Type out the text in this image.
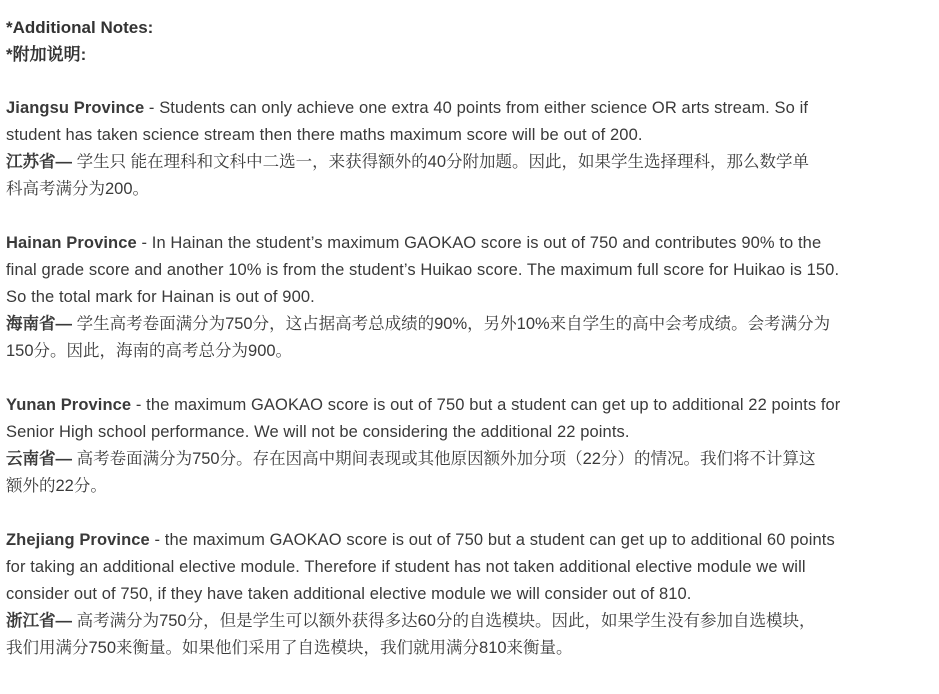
*Additional Notes:

*附加说明:

Jiangsu Province - Students can only achieve one extra 40 points from either science OR arts stream. So if

student has taken science stream then there maths maximum score will be out of 200.

江苏省— 学生只 能在理科和文科中二选一，来获得额外的40分附加题。因此，如果学生选择理科，那么数学单

科高考满分为200。

Hainan Province - In Hainan the student’s maximum GAOKAO score is out of 750 and contributes 90% to the

final grade score and another 10% is from the student’s Huikao score. The maximum full score for Huikao is 150.

So the total mark for Hainan is out of 900.

海南省— 学生高考卷面满分为750分，这占据高考总成绩的90%，另外10%来自学生的高中会考成绩。会考满分为

150分。因此，海南的高考总分为900。

Yunan Province - the maximum GAOKAO score is out of 750 but a student can get up to additional 22 points for

Senior High school performance. We will not be considering the additional 22 points.

云南省— 高考卷面满分为750分。存在因高中期间表现或其他原因额外加分项（22分）的情况。我们将不计算这

额外的22分。

Zhejiang Province - the maximum GAOKAO score is out of 750 but a student can get up to additional 60 points

for taking an additional elective module. Therefore if student has not taken additional elective module we will

consider out of 750, if they have taken additional elective module we will consider out of 810.

浙江省— 高考满分为750分，但是学生可以额外获得多达60分的自选模块。因此，如果学生没有参加自选模块，

我们用满分750来衡量。如果他们采用了自选模块，我们就用满分810来衡量。
